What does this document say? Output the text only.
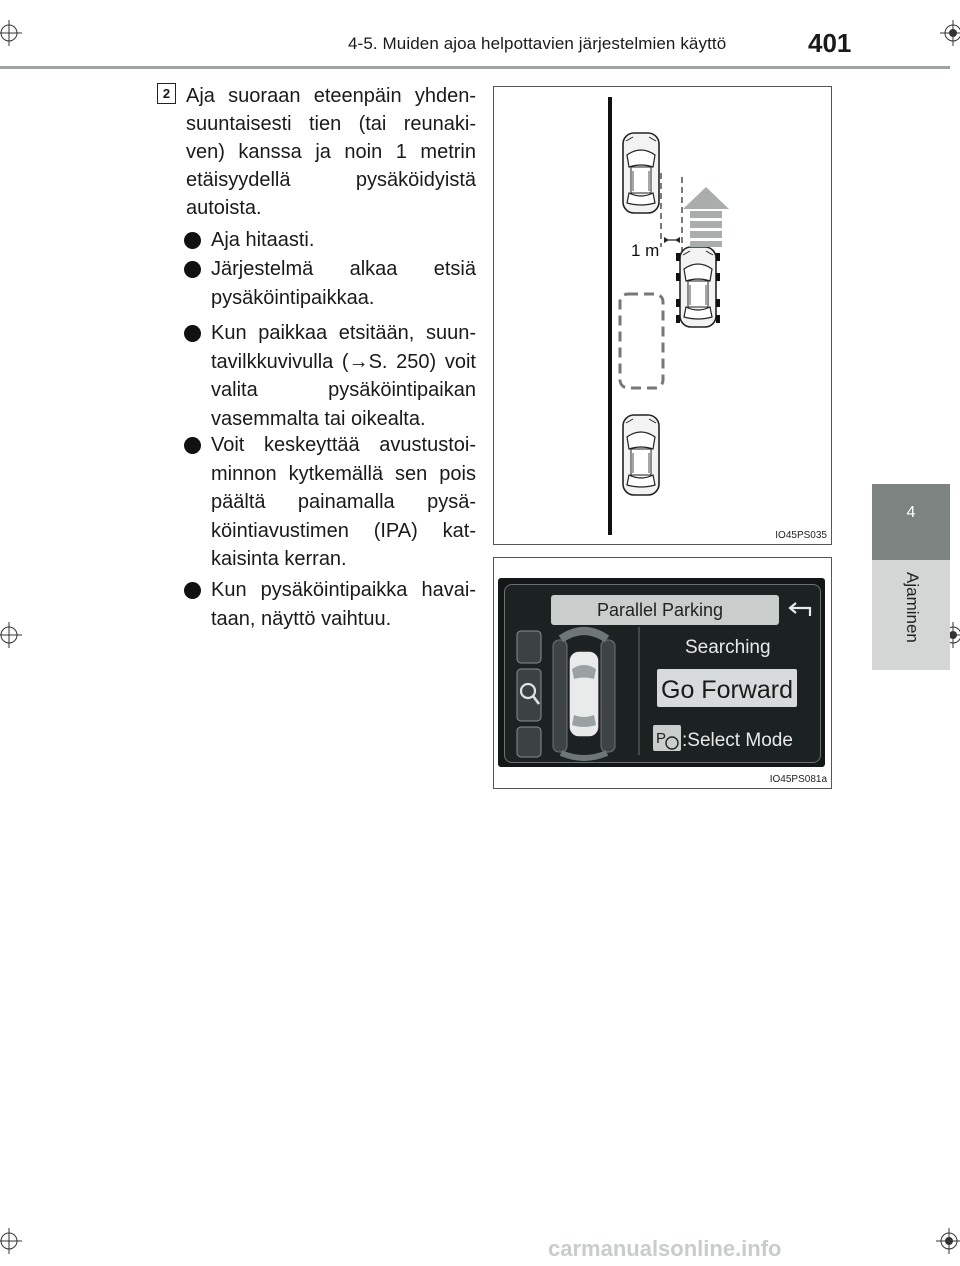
4-5. Muiden ajoa helpottavien järjestelmien käyttö	401
4
Ajaminen
2 Aja suoraan eteenpäin yhden-suuntaisesti tien (tai reunaki-ven) kanssa ja noin 1 metrin etäisyydellä pysäköidyistä autoista.
Aja hitaasti.
Järjestelmä alkaa etsiä pysäköintipaikkaa.
Kun paikkaa etsitään, suun-tavilkkuvivulla (→S. 250) voit valita pysäköintipaikan vasemmalta tai oikealta.
Voit keskeyttää avustustoi-minnon kytkemällä sen pois päältä painamalla pysä-köintiavustimen (IPA) kat-kaisinta kerran.
Kun pysäköintipaikka havai-taan, näyttö vaihtuu.
1 m
IO45PS035
Parallel Parking
Searching
Go Forward
P :Select Mode
IO45PS081a
carmanualsonline.info
